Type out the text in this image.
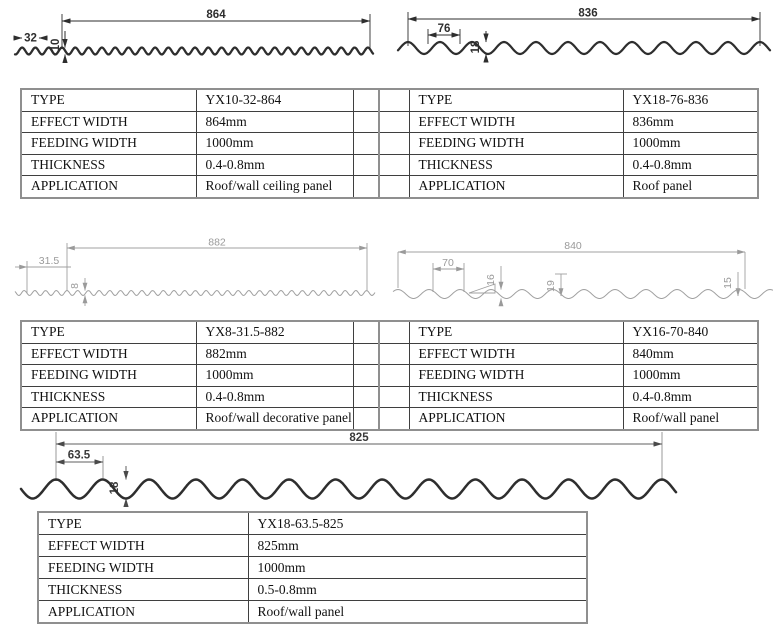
864
32
10
836
76
18
TYPE	YX10-32-864	
EFFECT WIDTH	864mm	
FEEDING WIDTH	1000mm	
THICKNESS	0.4-0.8mm	
APPLICATION	Roof/wall ceiling panel	
	TYPE	YX18-76-836
	EFFECT WIDTH	836mm
	FEEDING WIDTH	1000mm
	THICKNESS	0.4-0.8mm
	APPLICATION	Roof panel
882
31.5
8
840
70
16
19	15
TYPE	YX8-31.5-882	
EFFECT WIDTH	882mm	
FEEDING WIDTH	1000mm	
THICKNESS	0.4-0.8mm	
APPLICATION	Roof/wall decorative panel	
	TYPE	YX16-70-840
	EFFECT WIDTH	840mm
	FEEDING WIDTH	1000mm
	THICKNESS	0.4-0.8mm
	APPLICATION	Roof/wall panel
825
63.5
18
TYPE	YX18-63.5-825
EFFECT WIDTH	825mm
FEEDING WIDTH	1000mm
THICKNESS	0.5-0.8mm
APPLICATION	Roof/wall panel
